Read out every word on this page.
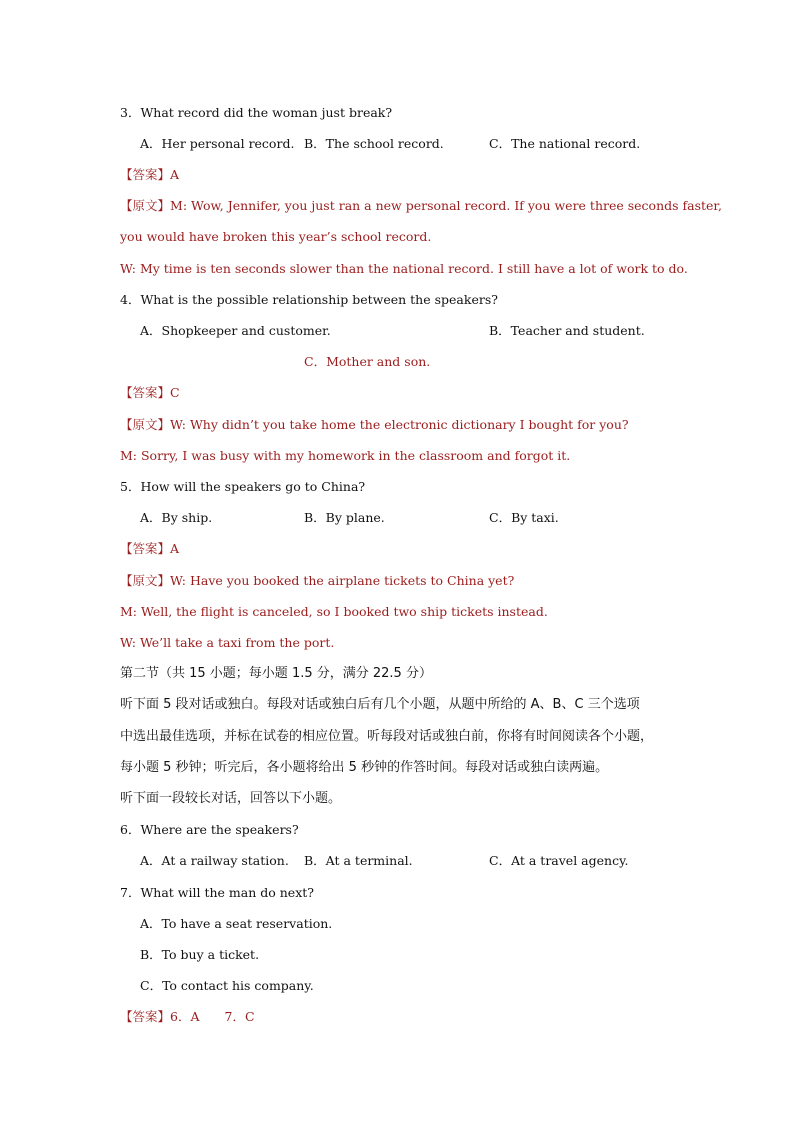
3．What record did the woman just break?
A．Her personal record. B．The school record.	C．The national record.
【答案】A
【原文】M: Wow, Jennifer, you just ran a new personal record. If you were three seconds faster,
you would have broken this year’s school record.
W: My time is ten seconds slower than the national record. I still have a lot of work to do.
4．What is the possible relationship between the speakers?
A．Shopkeeper and customer.	B．Teacher and student.
C．Mother and son.
【答案】C
【原文】W: Why didn’t you take home the electronic dictionary I bought for you?
M: Sorry, I was busy with my homework in the classroom and forgot it.
5．How will the speakers go to China?
A．By ship.	B．By plane.	C．By taxi.
【答案】A
【原文】W: Have you booked the airplane tickets to China yet?
M: Well, the flight is canceled, so I booked two ship tickets instead.
W: We’ll take a taxi from the port.
第二节（共 15 小题；每小题 1.5 分，满分 22.5 分）
听下面 5 段对话或独白。每段对话或独白后有几个小题，从题中所给的 A、B、C 三个选项
中选出最佳选项，并标在试卷的相应位置。听每段对话或独白前，你将有时间阅读各个小题，
每小题 5 秒钟；听完后，各小题将给出 5 秒钟的作答时间。每段对话或独白读两遍。
听下面一段较长对话，回答以下小题。
6．Where are the speakers?
A．At a railway station. B．At a terminal.	C．At a travel agency.
7．What will the man do next?
A．To have a seat reservation.
B．To buy a ticket.
C．To contact his company.
【答案】6．A　　7．C
